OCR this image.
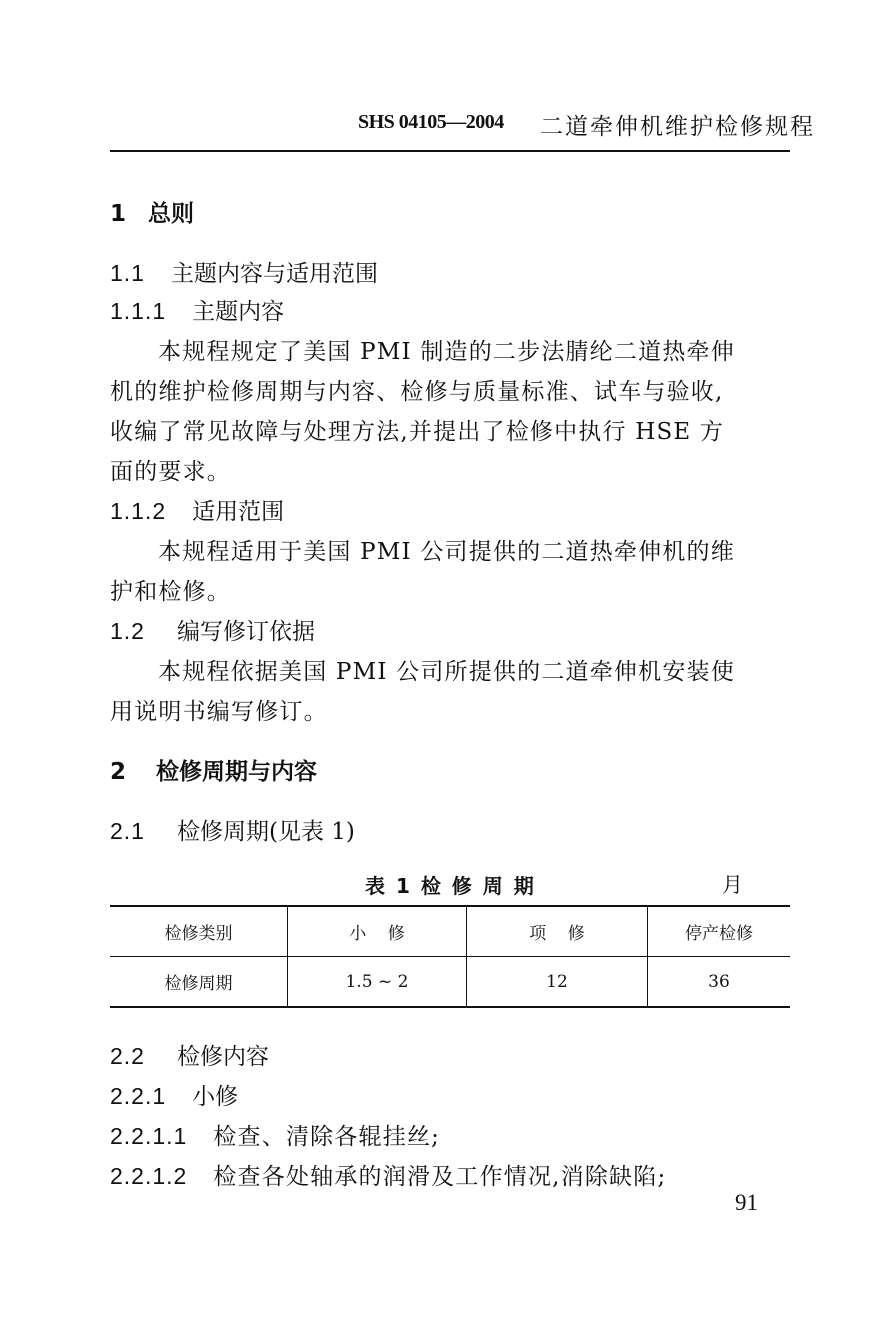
SHS 04105—2004 二道牵伸机维护检修规程
1 总则
1.1 主题内容与适用范围
1.1.1 主题内容
本规程规定了美国 PMI 制造的二步法腈纶二道热牵伸
机的维护检修周期与内容、检修与质量标准、试车与验收,
收编了常见故障与处理方法,并提出了检修中执行 HSE 方
面的要求。
1.1.2 适用范围
本规程适用于美国 PMI 公司提供的二道热牵伸机的维
护和检修。
1.2 编写修订依据
本规程依据美国 PMI 公司所提供的二道牵伸机安装使
用说明书编写修订。
2 检修周期与内容
2.1 检修周期(见表 1)
表 1 检 修 周 期	月
检修类别	小    修	项    修	停产检修
检修周期	1.5 ~ 2	12	36
2.2 检修内容
2.2.1 小修
2.2.1.1 检查、清除各辊挂丝;
2.2.1.2 检查各处轴承的润滑及工作情况,消除缺陷;
91
